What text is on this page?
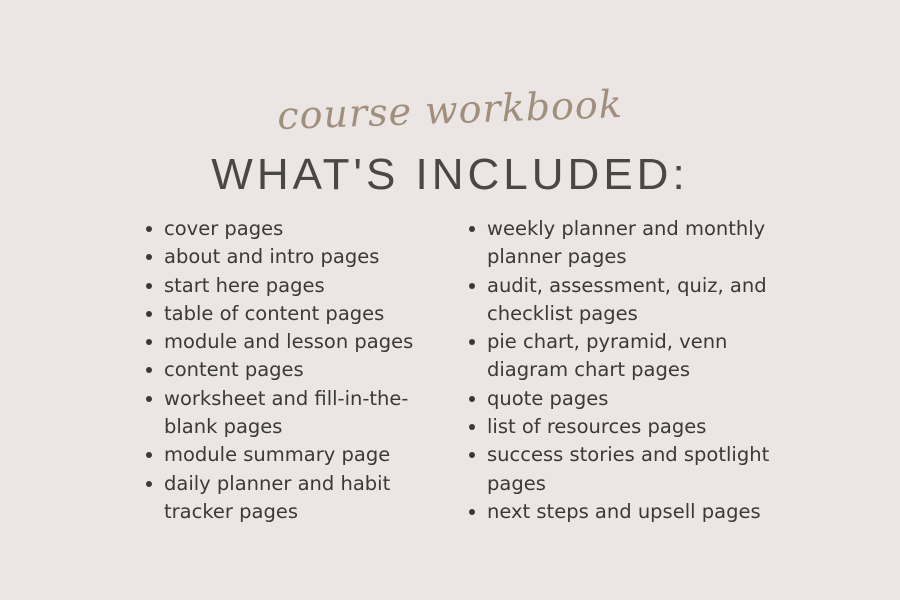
course workbook
WHAT'S INCLUDED:
cover pages
about and intro pages
start here pages
table of content pages
module and lesson pages
content pages
worksheet and fill-in-the-blank pages
module summary page
daily planner and habit tracker pages
weekly planner and monthly planner pages
audit, assessment, quiz, and checklist pages
pie chart, pyramid, venn diagram chart pages
quote pages
list of resources pages
success stories and spotlight pages
next steps and upsell pages
